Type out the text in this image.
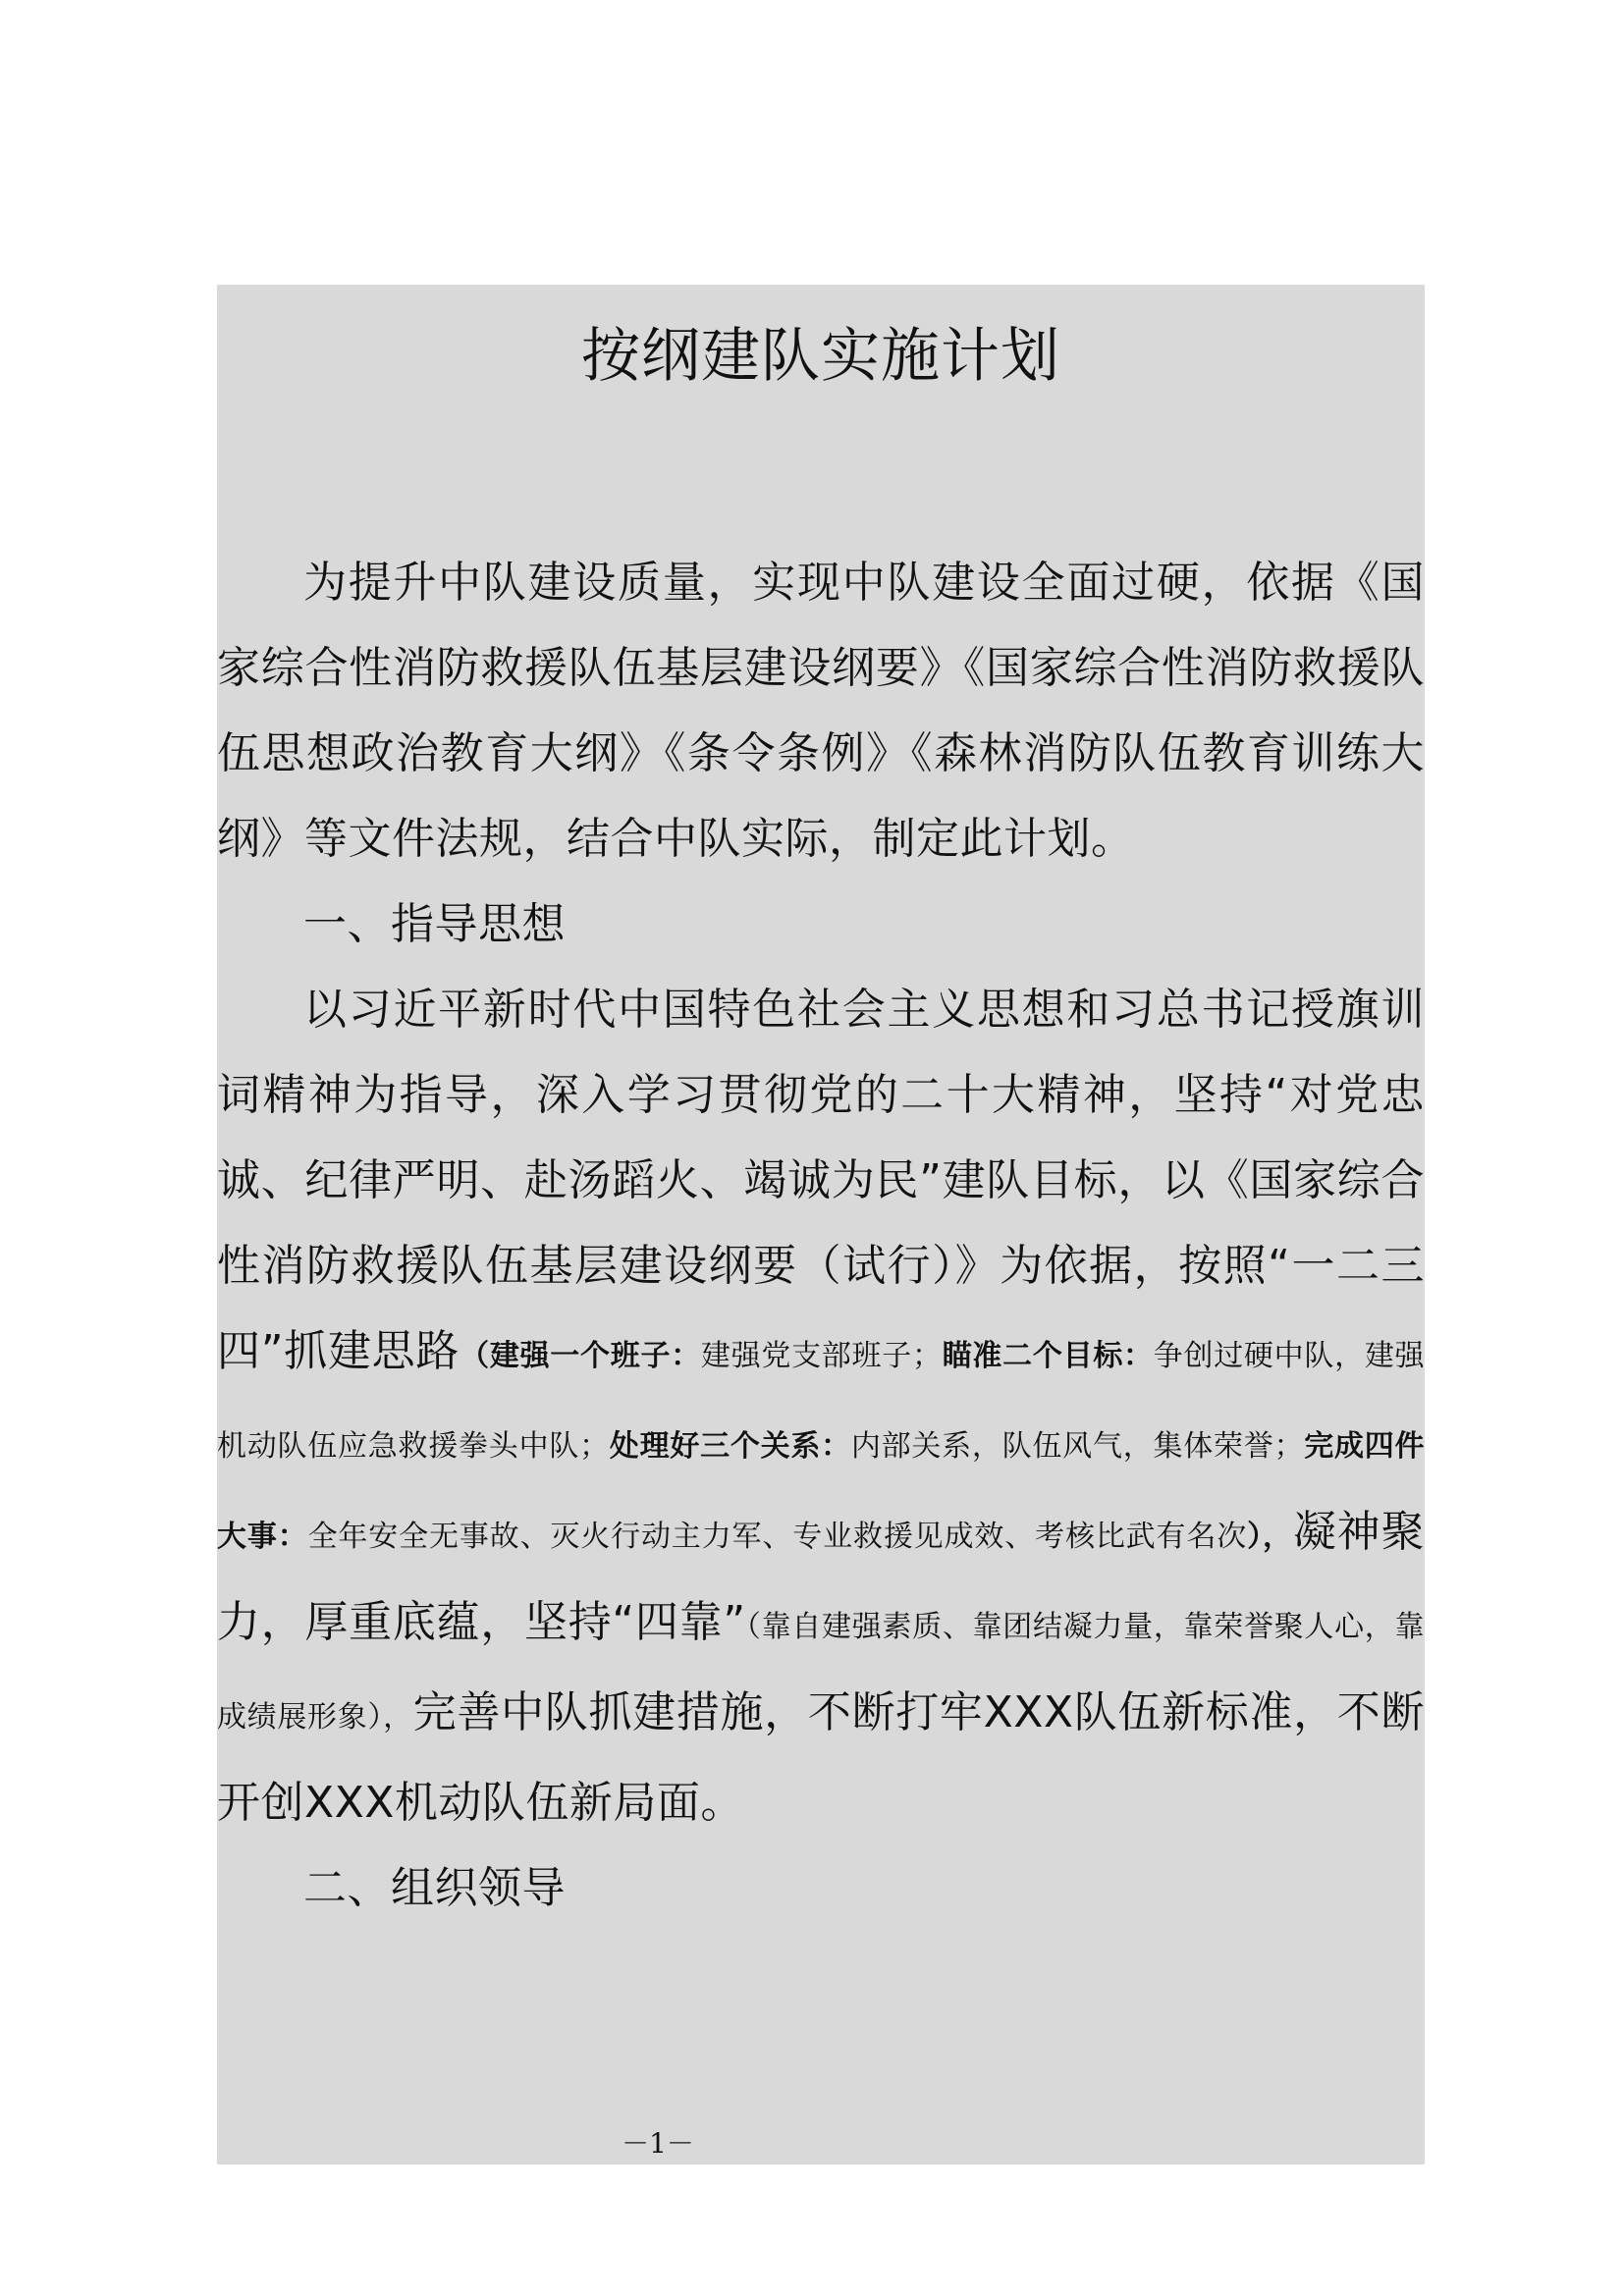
按纲建队实施计划

为提升中队建设质量，实现中队建设全面过硬，依据《国家综合性消防救援队伍基层建设纲要》《国家综合性消防救援队伍思想政治教育大纲》《条令条例》《森林消防队伍教育训练大纲》等文件法规，结合中队实际，制定此计划。

一、指导思想

以习近平新时代中国特色社会主义思想和习总书记授旗训词精神为指导，深入学习贯彻党的二十大精神，坚持“对党忠诚、纪律严明、赴汤蹈火、竭诚为民”建队目标，以《国家综合性消防救援队伍基层建设纲要（试行）》为依据，按照“一二三四”抓建思路（建强一个班子：建强党支部班子；瞄准二个目标：争创过硬中队，建强机动队伍应急救援拳头中队；处理好三个关系：内部关系，队伍风气，集体荣誉；完成四件大事：全年安全无事故、灭火行动主力军、专业救援见成效、考核比武有名次），凝神聚力，厚重底蕴，坚持“四靠”（靠自建强素质、靠团结凝力量，靠荣誉聚人心，靠成绩展形象），完善中队抓建措施，不断打牢XXX队伍新标准，不断开创XXX机动队伍新局面。

二、组织领导

－1－
